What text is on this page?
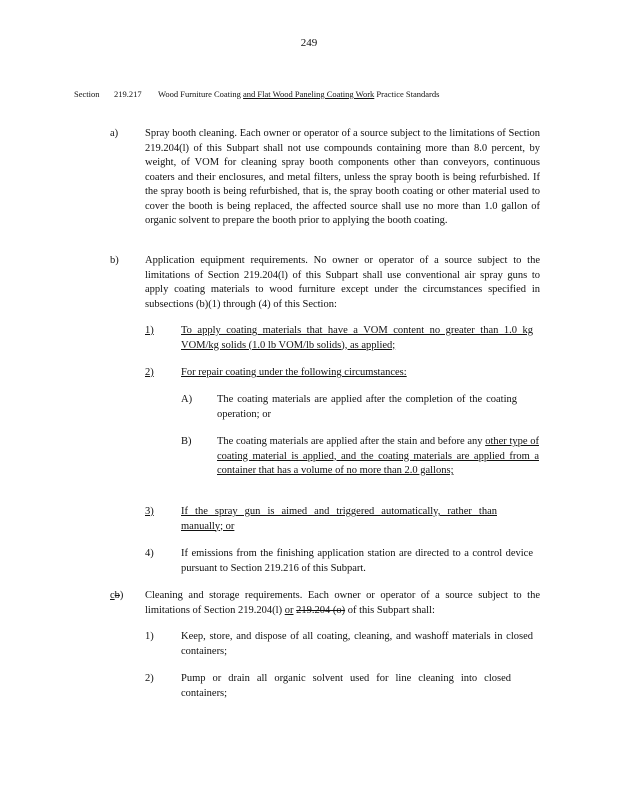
249
Section 219.217 Wood Furniture Coating and Flat Wood Paneling Coating Work Practice Standards
a)	Spray booth cleaning. Each owner or operator of a source subject to the limitations of Section 219.204(l) of this Subpart shall not use compounds containing more than 8.0 percent, by weight, of VOM for cleaning spray booth components other than conveyors, continuous coaters and their enclosures, and metal filters, unless the spray booth is being refurbished. If the spray booth is being refurbished, that is, the spray booth coating or other material used to cover the booth is being replaced, the affected source shall use no more than 1.0 gallon of organic solvent to prepare the booth prior to applying the booth coating.
b)	Application equipment requirements. No owner or operator of a source subject to the limitations of Section 219.204(l) of this Subpart shall use conventional air spray guns to apply coating materials to wood furniture except under the circumstances specified in subsections (b)(1) through (4) of this Section:
1)	To apply coating materials that have a VOM content no greater than 1.0 kg VOM/kg solids (1.0 lb VOM/lb solids), as applied;
2)	For repair coating under the following circumstances:
A) The coating materials are applied after the completion of the coating operation; or
B) The coating materials are applied after the stain and before any other type of coating material is applied, and the coating materials are applied from a container that has a volume of no more than 2.0 gallons;
3)	If the spray gun is aimed and triggered automatically, rather than manually; or
4)	If emissions from the finishing application station are directed to a control device pursuant to Section 219.216 of this Subpart.
cb) Cleaning and storage requirements. Each owner or operator of a source subject to the limitations of Section 219.204(l) or 219.204 (o) of this Subpart shall:
1)	Keep, store, and dispose of all coating, cleaning, and washoff materials in closed containers;
2)	Pump or drain all organic solvent used for line cleaning into closed containers;
